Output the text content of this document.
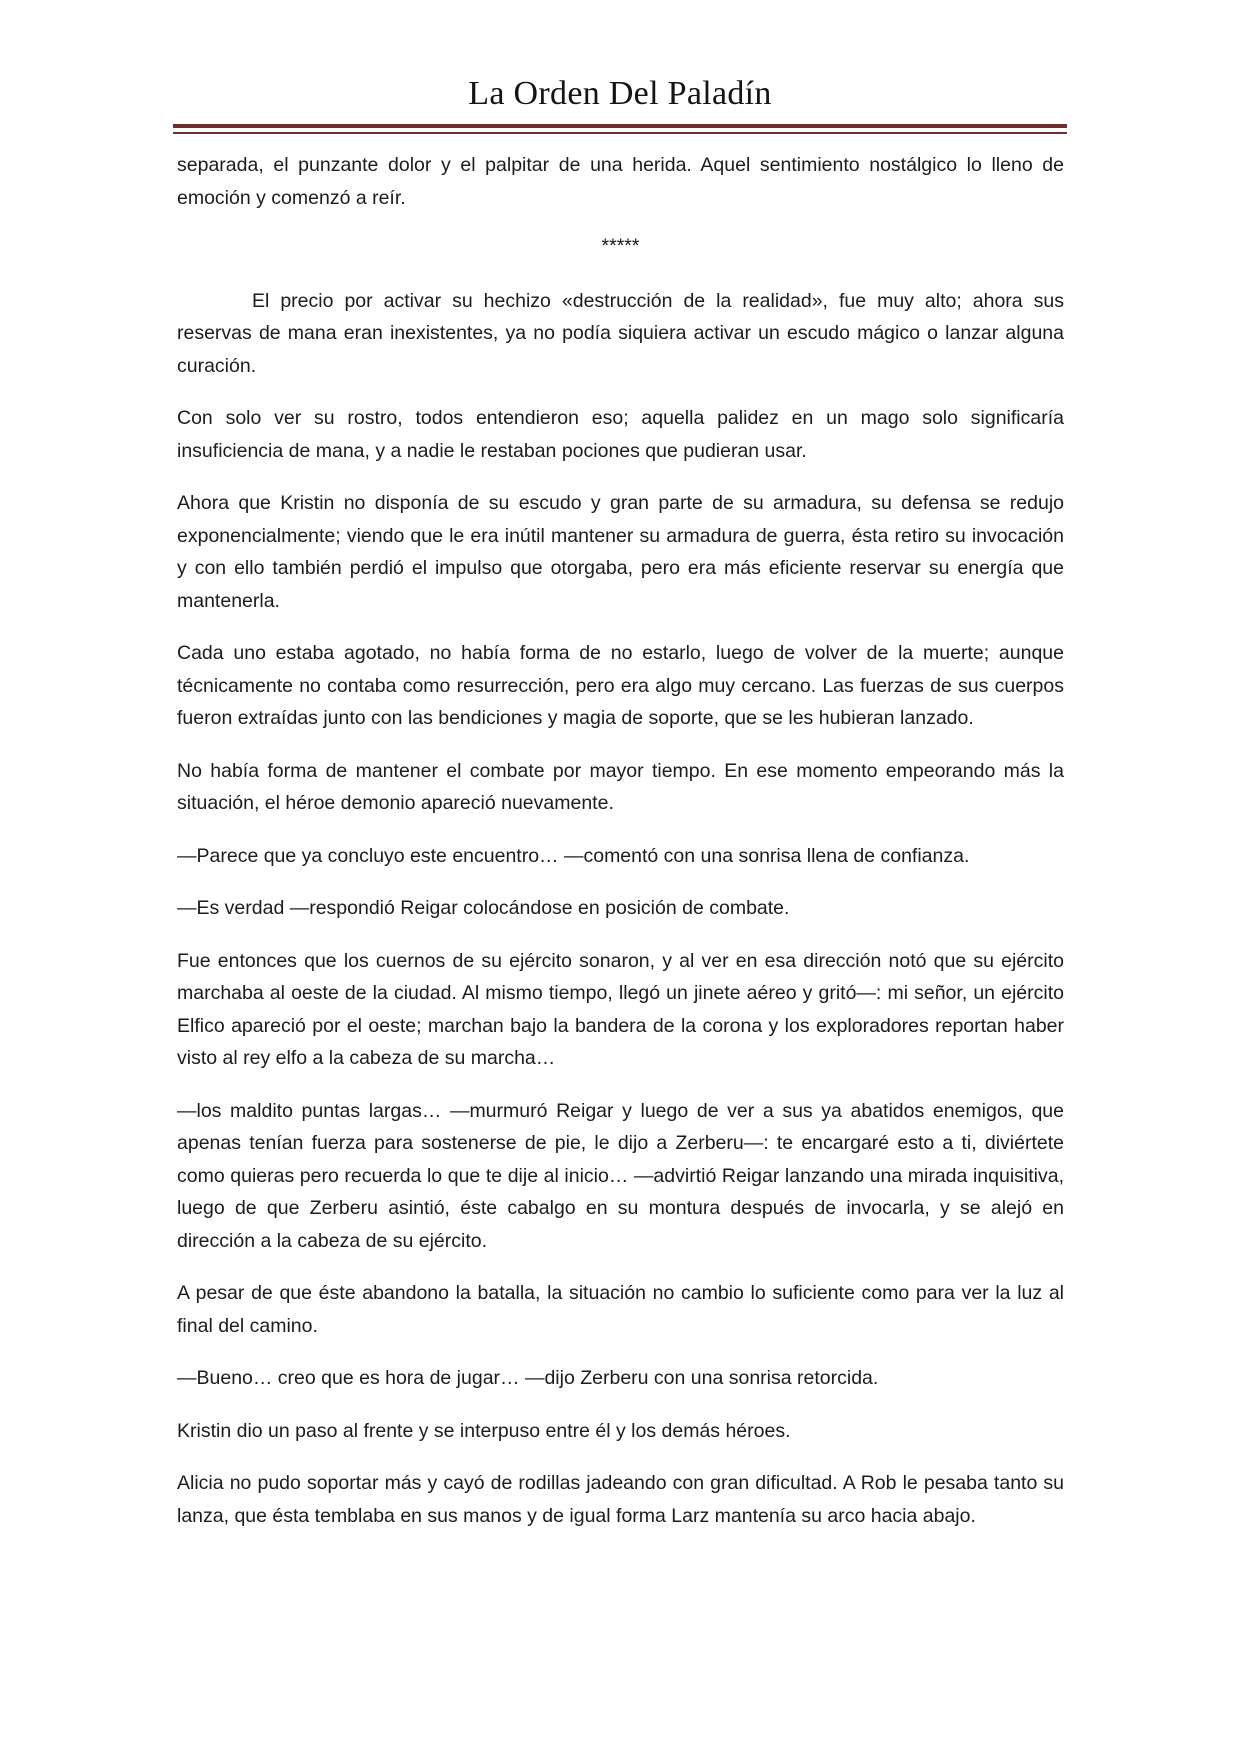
La Orden Del Paladín

separada, el punzante dolor y el palpitar de una herida. Aquel sentimiento nostálgico lo lleno de emoción y comenzó a reír.

*****

El precio por activar su hechizo «destrucción de la realidad», fue muy alto; ahora sus reservas de mana eran inexistentes, ya no podía siquiera activar un escudo mágico o lanzar alguna curación.

Con solo ver su rostro, todos entendieron eso; aquella palidez en un mago solo significaría insuficiencia de mana, y a nadie le restaban pociones que pudieran usar.

Ahora que Kristin no disponía de su escudo y gran parte de su armadura, su defensa se redujo exponencialmente; viendo que le era inútil mantener su armadura de guerra, ésta retiro su invocación y con ello también perdió el impulso que otorgaba, pero era más eficiente reservar su energía que mantenerla.

Cada uno estaba agotado, no había forma de no estarlo, luego de volver de la muerte; aunque técnicamente no contaba como resurrección, pero era algo muy cercano. Las fuerzas de sus cuerpos fueron extraídas junto con las bendiciones y magia de soporte, que se les hubieran lanzado.

No había forma de mantener el combate por mayor tiempo. En ese momento empeorando más la situación, el héroe demonio apareció nuevamente.

—Parece que ya concluyo este encuentro… —comentó con una sonrisa llena de confianza.

—Es verdad —respondió Reigar colocándose en posición de combate.

Fue entonces que los cuernos de su ejército sonaron, y al ver en esa dirección notó que su ejército marchaba al oeste de la ciudad. Al mismo tiempo, llegó un jinete aéreo y gritó—: mi señor, un ejército Elfico apareció por el oeste; marchan bajo la bandera de la corona y los exploradores reportan haber visto al rey elfo a la cabeza de su marcha…

—los maldito puntas largas… —murmuró Reigar y luego de ver a sus ya abatidos enemigos, que apenas tenían fuerza para sostenerse de pie, le dijo a Zerberu—: te encargaré esto a ti, diviértete como quieras pero recuerda lo que te dije al inicio… —advirtió Reigar lanzando una mirada inquisitiva, luego de que Zerberu asintió, éste cabalgo en su montura después de invocarla, y se alejó en dirección a la cabeza de su ejército.

A pesar de que éste abandono la batalla, la situación no cambio lo suficiente como para ver la luz al final del camino.

—Bueno… creo que es hora de jugar… —dijo Zerberu con una sonrisa retorcida.

Kristin dio un paso al frente y se interpuso entre él y los demás héroes.

Alicia no pudo soportar más y cayó de rodillas jadeando con gran dificultad. A Rob le pesaba tanto su lanza, que ésta temblaba en sus manos y de igual forma Larz mantenía su arco hacia abajo.
